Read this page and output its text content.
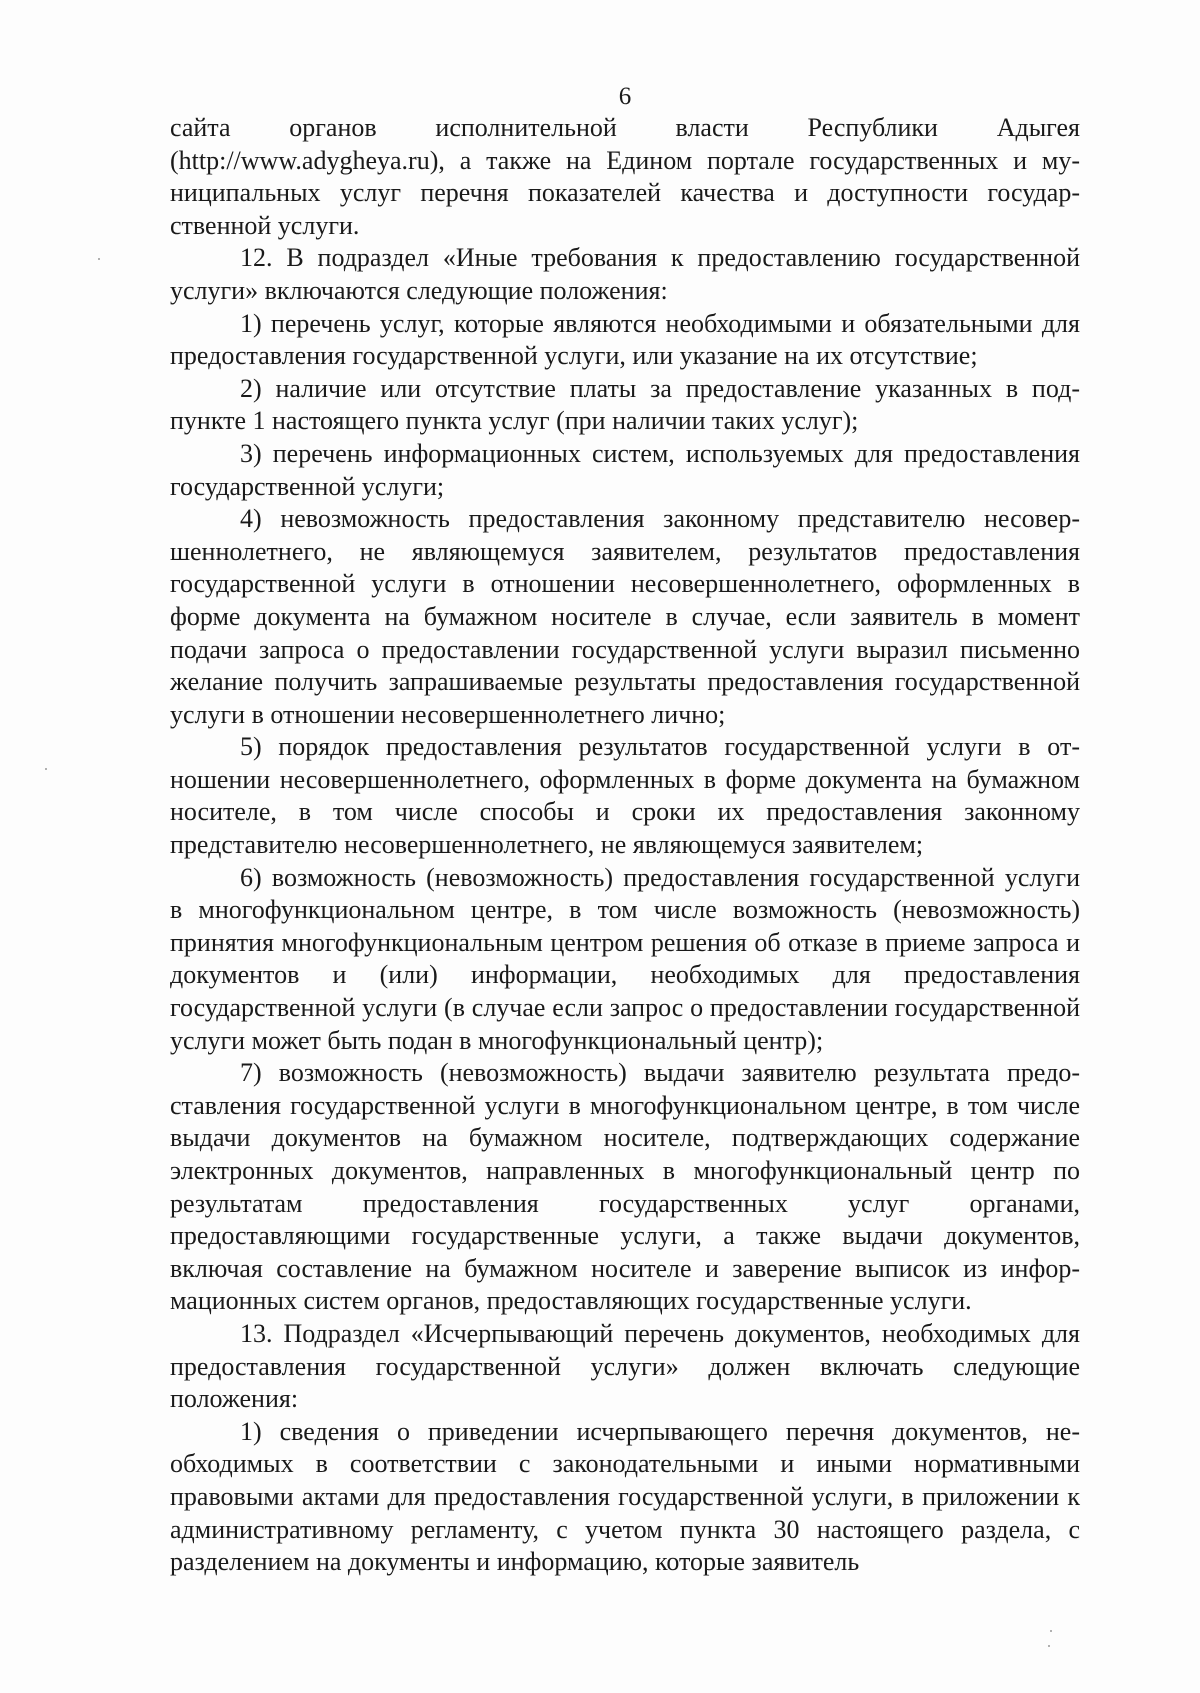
6

сайта органов исполнительной власти Республики Адыгея (http://www.adygheya.ru), а также на Едином портале государственных и муниципальных услуг перечня показателей качества и доступности государственной услуги.

12. В подраздел «Иные требования к предоставлению государственной услуги» включаются следующие положения:

1) перечень услуг, которые являются необходимыми и обязательными для предоставления государственной услуги, или указание на их отсутствие;

2) наличие или отсутствие платы за предоставление указанных в подпункте 1 настоящего пункта услуг (при наличии таких услуг);

3) перечень информационных систем, используемых для предоставления государственной услуги;

4) невозможность предоставления законному представителю несовершеннолетнего, не являющемуся заявителем, результатов предоставления государственной услуги в отношении несовершеннолетнего, оформленных в форме документа на бумажном носителе в случае, если заявитель в момент подачи запроса о предоставлении государственной услуги выразил письменно желание получить запрашиваемые результаты предоставления государственной услуги в отношении несовершеннолетнего лично;

5) порядок предоставления результатов государственной услуги в отношении несовершеннолетнего, оформленных в форме документа на бумажном носителе, в том числе способы и сроки их предоставления законному представителю несовершеннолетнего, не являющемуся заявителем;

6) возможность (невозможность) предоставления государственной услуги в многофункциональном центре, в том числе возможность (невозможность) принятия многофункциональным центром решения об отказе в приеме запроса и документов и (или) информации, необходимых для предоставления государственной услуги (в случае если запрос о предоставлении государственной услуги может быть подан в многофункциональный центр);

7) возможность (невозможность) выдачи заявителю результата предоставления государственной услуги в многофункциональном центре, в том числе выдачи документов на бумажном носителе, подтверждающих содержание электронных документов, направленных в многофункциональный центр по результатам предоставления государственных услуг органами, предоставляющими государственные услуги, а также выдачи документов, включая составление на бумажном носителе и заверение выписок из информационных систем органов, предоставляющих государственные услуги.

13. Подраздел «Исчерпывающий перечень документов, необходимых для предоставления государственной услуги» должен включать следующие положения:

1) сведения о приведении исчерпывающего перечня документов, необходимых в соответствии с законодательными и иными нормативными правовыми актами для предоставления государственной услуги, в приложении к административному регламенту, с учетом пункта 30 настоящего раздела, с разделением на документы и информацию, которые заявитель
